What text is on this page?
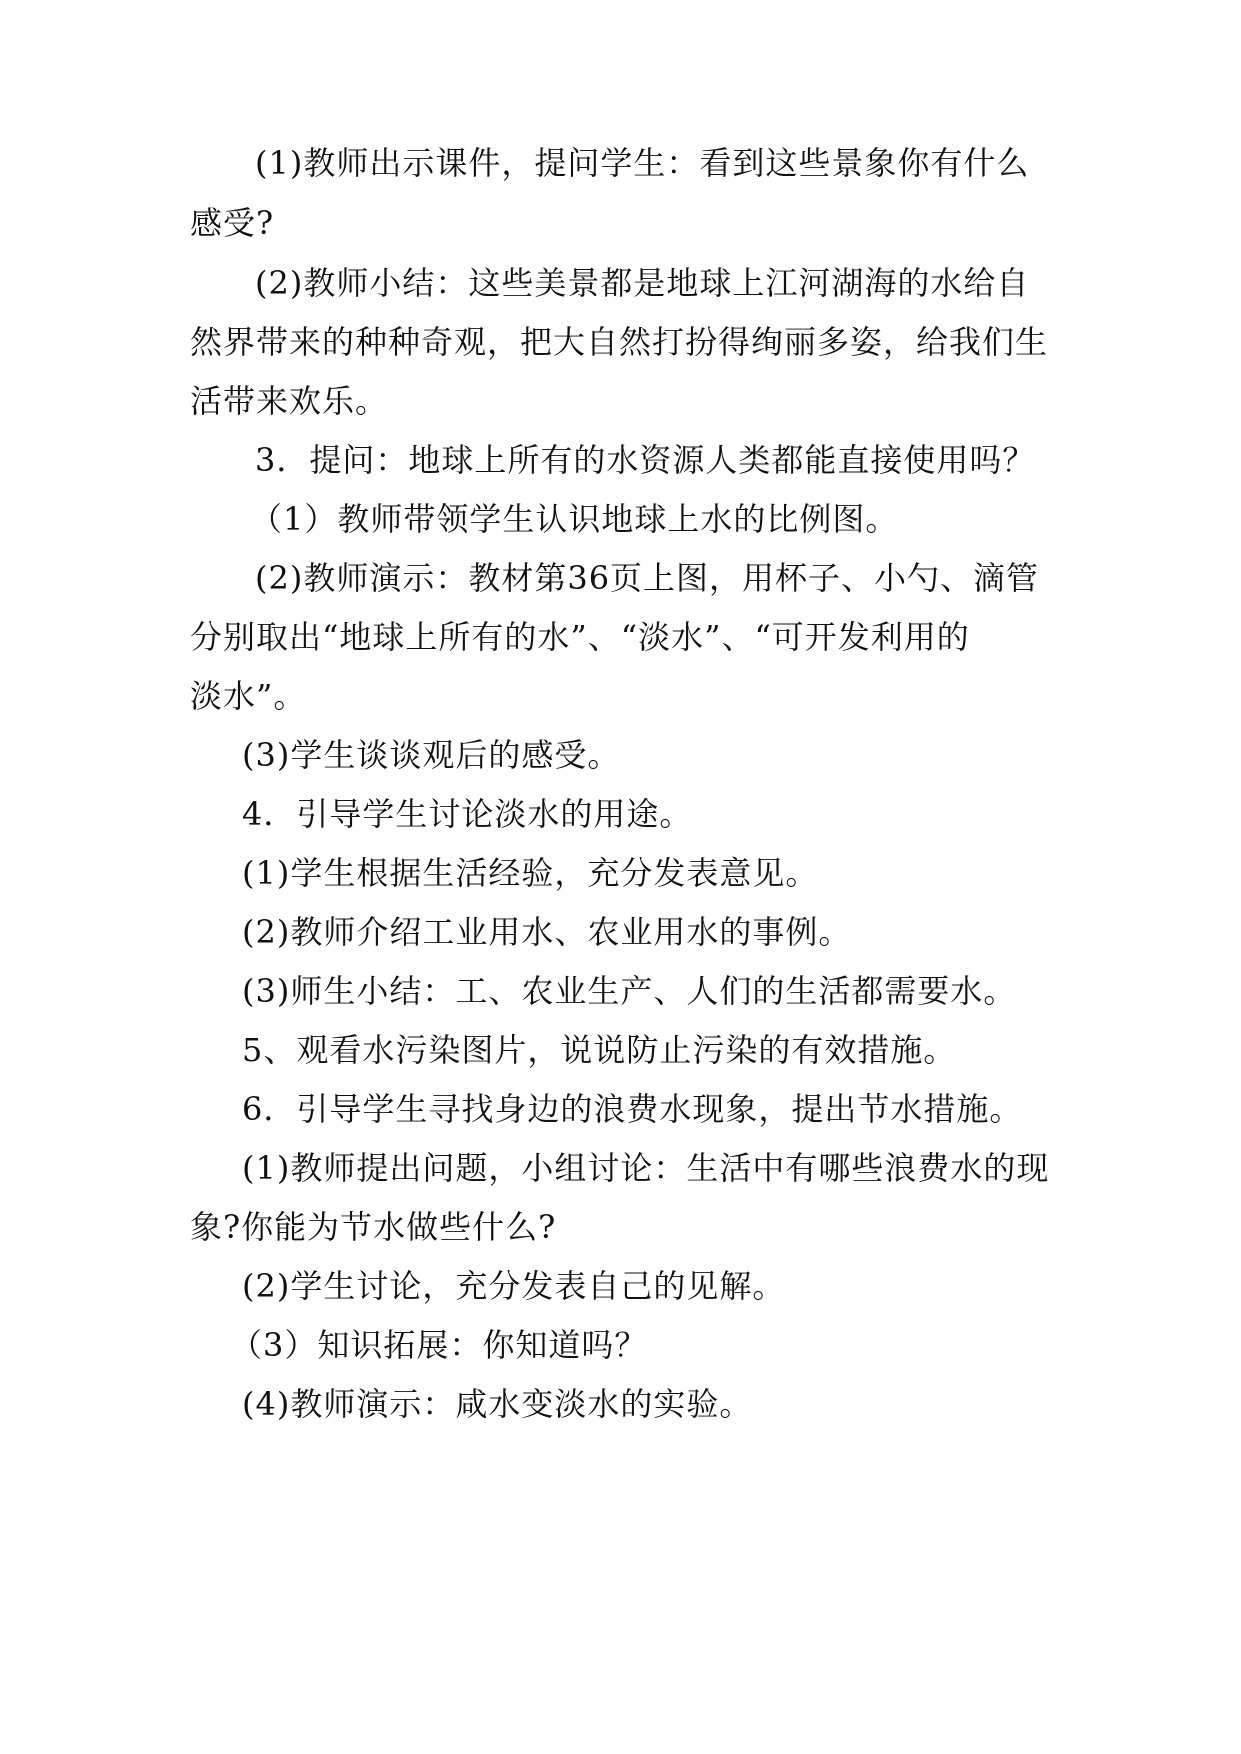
(1)教师出示课件，提问学生：看到这些景象你有什么
感受?
(2)教师小结：这些美景都是地球上江河湖海的水给自
然界带来的种种奇观，把大自然打扮得绚丽多姿，给我们生
活带来欢乐。
3．提问：地球上所有的水资源人类都能直接使用吗？
（1）教师带领学生认识地球上水的比例图。
(2)教师演示：教材第36页上图，用杯子、小勺、滴管
分别取出“地球上所有的水”、“淡水”、“可开发利用的
淡水”。
(3)学生谈谈观后的感受。
4．引导学生讨论淡水的用途。
(1)学生根据生活经验，充分发表意见。
(2)教师介绍工业用水、农业用水的事例。
(3)师生小结：工、农业生产、人们的生活都需要水。
5、观看水污染图片，说说防止污染的有效措施。
6．引导学生寻找身边的浪费水现象，提出节水措施。
(1)教师提出问题，小组讨论：生活中有哪些浪费水的现
象?你能为节水做些什么?
(2)学生讨论，充分发表自己的见解。
（3）知识拓展：你知道吗？
(4)教师演示：咸水变淡水的实验。
